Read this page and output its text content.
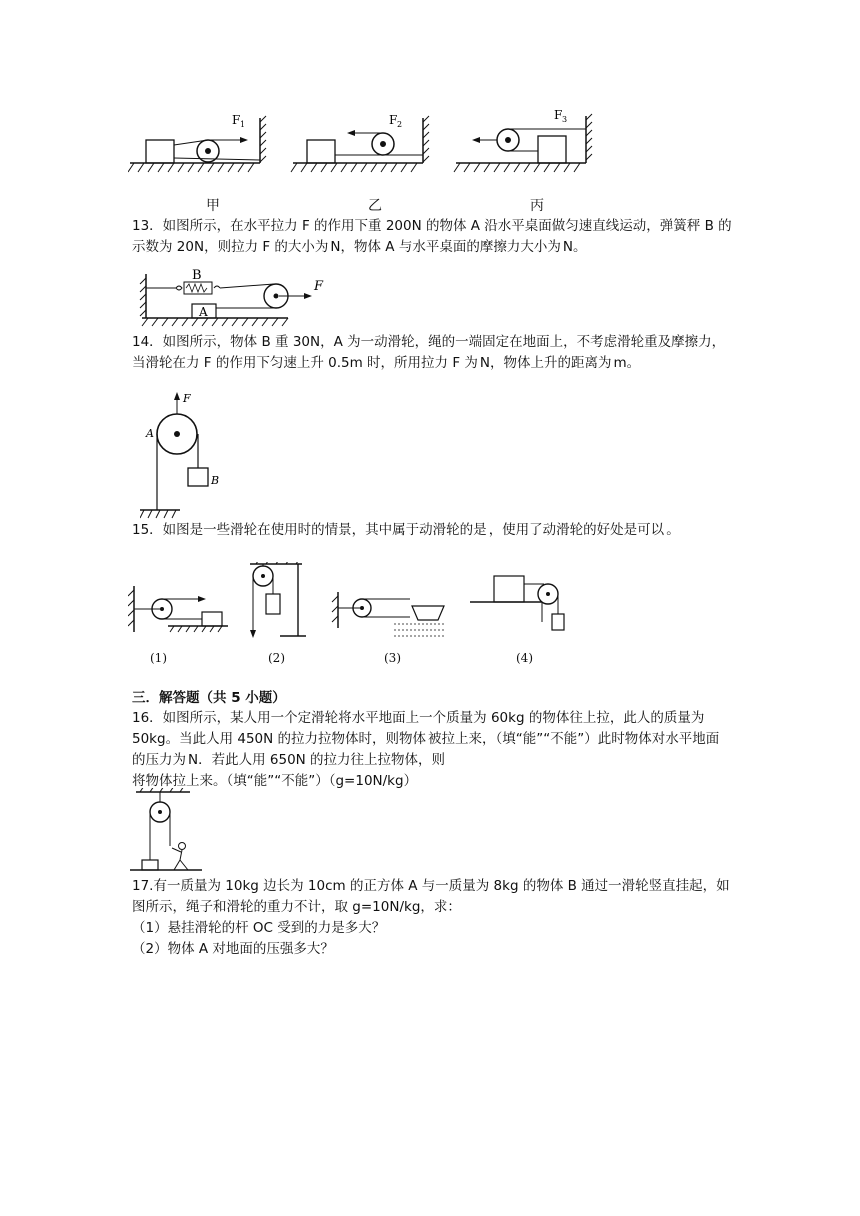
F 1	F 2
F 3
甲	乙	丙
13．如图所示，在水平拉力 F 的作用下重 200N 的物体 A 沿水平桌面做匀速直线运动，弹簧秤 B 的示数为 20N，则拉力 F 的大小为 N，物体 A 与水平桌面的摩擦力大小为 N。
B
A
F
14．如图所示，物体 B 重 30N，A 为一动滑轮，绳的一端固定在地面上，不考虑滑轮重及摩擦力，当滑轮在力 F 的作用下匀速上升 0.5m 时，所用拉力 F 为 N，物体上升的距离为 m。
F
A
B
15．如图是一些滑轮在使用时的情景，其中属于动滑轮的是 ，使用了动滑轮的好处是可以 。
(1)	(2)	(3)	(4)
三．解答题（共 5 小题）
16．如图所示，某人用一个定滑轮将水平地面上一个质量为 60kg 的物体往上拉，此人的质量为 50kg。当此人用 450N 的拉力拉物体时，则物体 被拉上来，（填“能”“不能”）此时物体对水平地面的压力为 N．若此人用 650N 的拉力往上拉物体，则将物体拉上来。（填“能”“不能”）（g=10N/kg）
17.有一质量为 10kg 边长为 10cm 的正方体 A 与一质量为 8kg 的物体 B 通过一滑轮竖直挂起，如图所示，绳子和滑轮的重力不计，取 g=10N/kg，求：
（1）悬挂滑轮的杆 OC 受到的力是多大？
（2）物体 A 对地面的压强多大？
